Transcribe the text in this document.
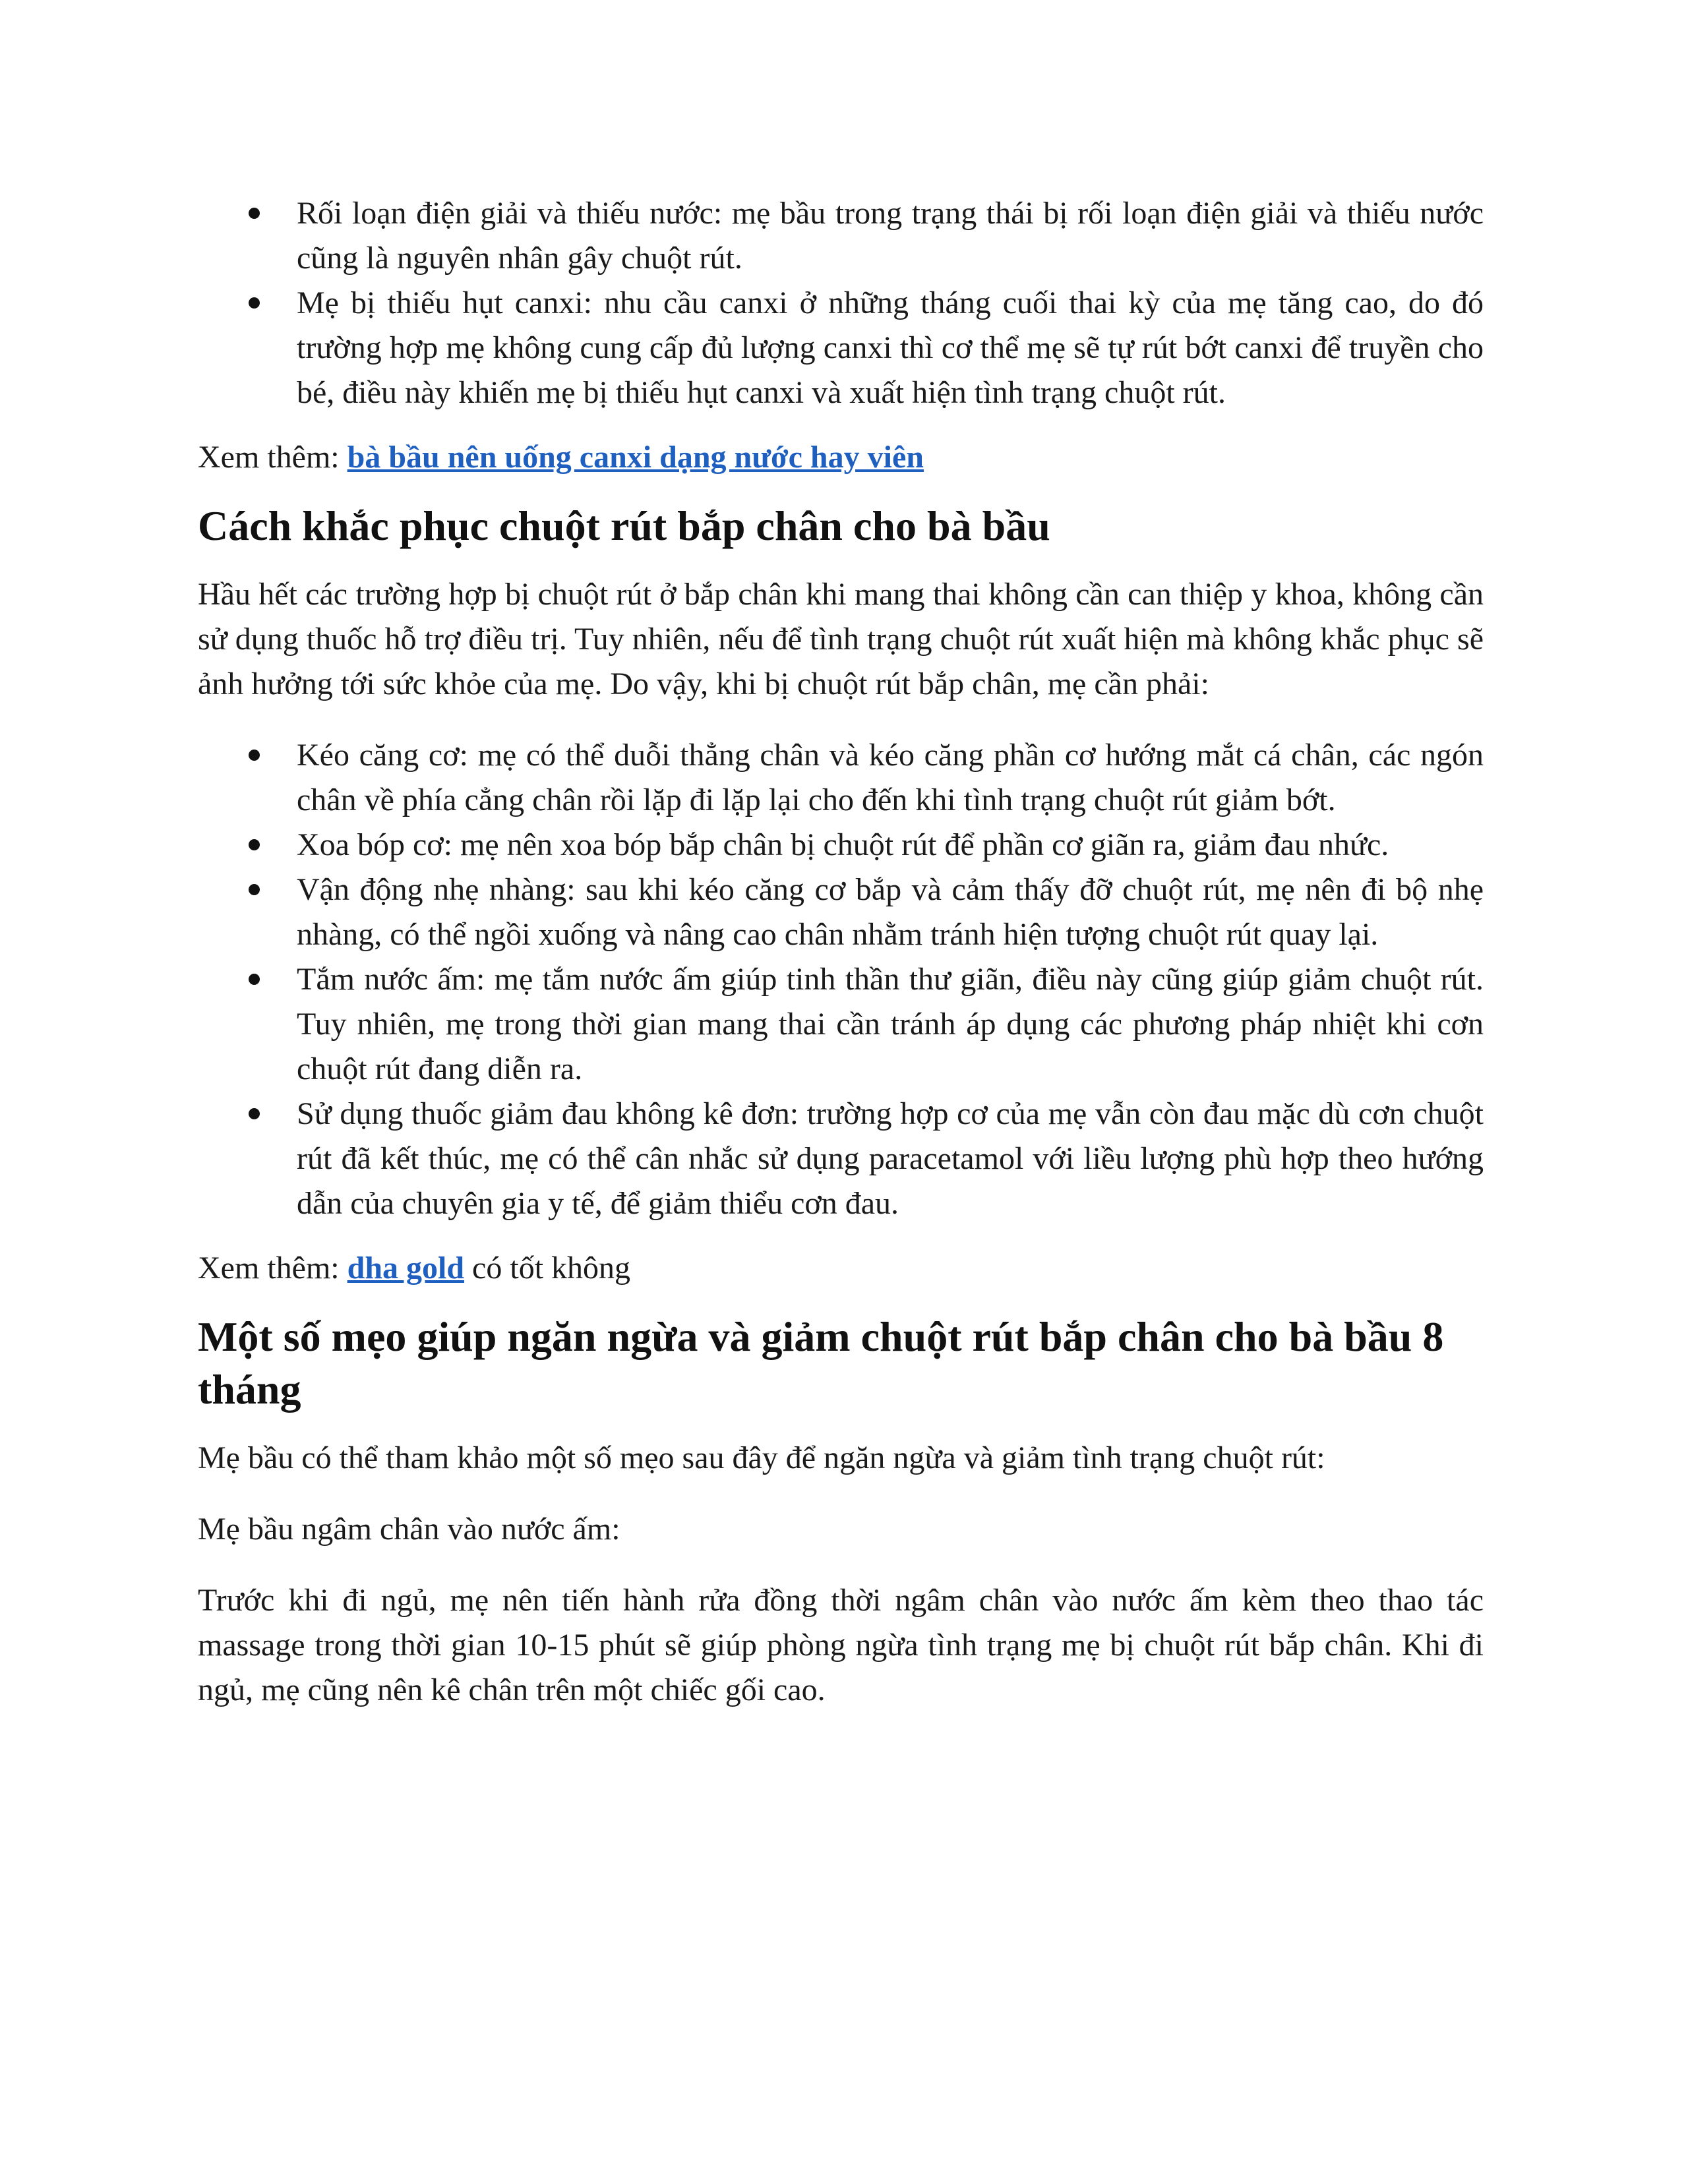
Rối loạn điện giải và thiếu nước: mẹ bầu trong trạng thái bị rối loạn điện giải và thiếu nước cũng là nguyên nhân gây chuột rút.
Mẹ bị thiếu hụt canxi: nhu cầu canxi ở những tháng cuối thai kỳ của mẹ tăng cao, do đó trường hợp mẹ không cung cấp đủ lượng canxi thì cơ thể mẹ sẽ tự rút bớt canxi để truyền cho bé, điều này khiến mẹ bị thiếu hụt canxi và xuất hiện tình trạng chuột rút.

Xem thêm: bà bầu nên uống canxi dạng nước hay viên

Cách khắc phục chuột rút bắp chân cho bà bầu

Hầu hết các trường hợp bị chuột rút ở bắp chân khi mang thai không cần can thiệp y khoa, không cần sử dụng thuốc hỗ trợ điều trị. Tuy nhiên, nếu để tình trạng chuột rút xuất hiện mà không khắc phục sẽ ảnh hưởng tới sức khỏe của mẹ. Do vậy, khi bị chuột rút bắp chân, mẹ cần phải:

Kéo căng cơ: mẹ có thể duỗi thẳng chân và kéo căng phần cơ hướng mắt cá chân, các ngón chân về phía cẳng chân rồi lặp đi lặp lại cho đến khi tình trạng chuột rút giảm bớt.
Xoa bóp cơ: mẹ nên xoa bóp bắp chân bị chuột rút để phần cơ giãn ra, giảm đau nhức.
Vận động nhẹ nhàng: sau khi kéo căng cơ bắp và cảm thấy đỡ chuột rút, mẹ nên đi bộ nhẹ nhàng, có thể ngồi xuống và nâng cao chân nhằm tránh hiện tượng chuột rút quay lại.
Tắm nước ấm: mẹ tắm nước ấm giúp tinh thần thư giãn, điều này cũng giúp giảm chuột rút. Tuy nhiên, mẹ trong thời gian mang thai cần tránh áp dụng các phương pháp nhiệt khi cơn chuột rút đang diễn ra.
Sử dụng thuốc giảm đau không kê đơn: trường hợp cơ của mẹ vẫn còn đau mặc dù cơn chuột rút đã kết thúc, mẹ có thể cân nhắc sử dụng paracetamol với liều lượng phù hợp theo hướng dẫn của chuyên gia y tế, để giảm thiểu cơn đau.

Xem thêm: dha gold có tốt không

Một số mẹo giúp ngăn ngừa và giảm chuột rút bắp chân cho bà bầu 8 tháng

Mẹ bầu có thể tham khảo một số mẹo sau đây để ngăn ngừa và giảm tình trạng chuột rút:

Mẹ bầu ngâm chân vào nước ấm:

Trước khi đi ngủ, mẹ nên tiến hành rửa đồng thời ngâm chân vào nước ấm kèm theo thao tác massage trong thời gian 10-15 phút sẽ giúp phòng ngừa tình trạng mẹ bị chuột rút bắp chân. Khi đi ngủ, mẹ cũng nên kê chân trên một chiếc gối cao.
